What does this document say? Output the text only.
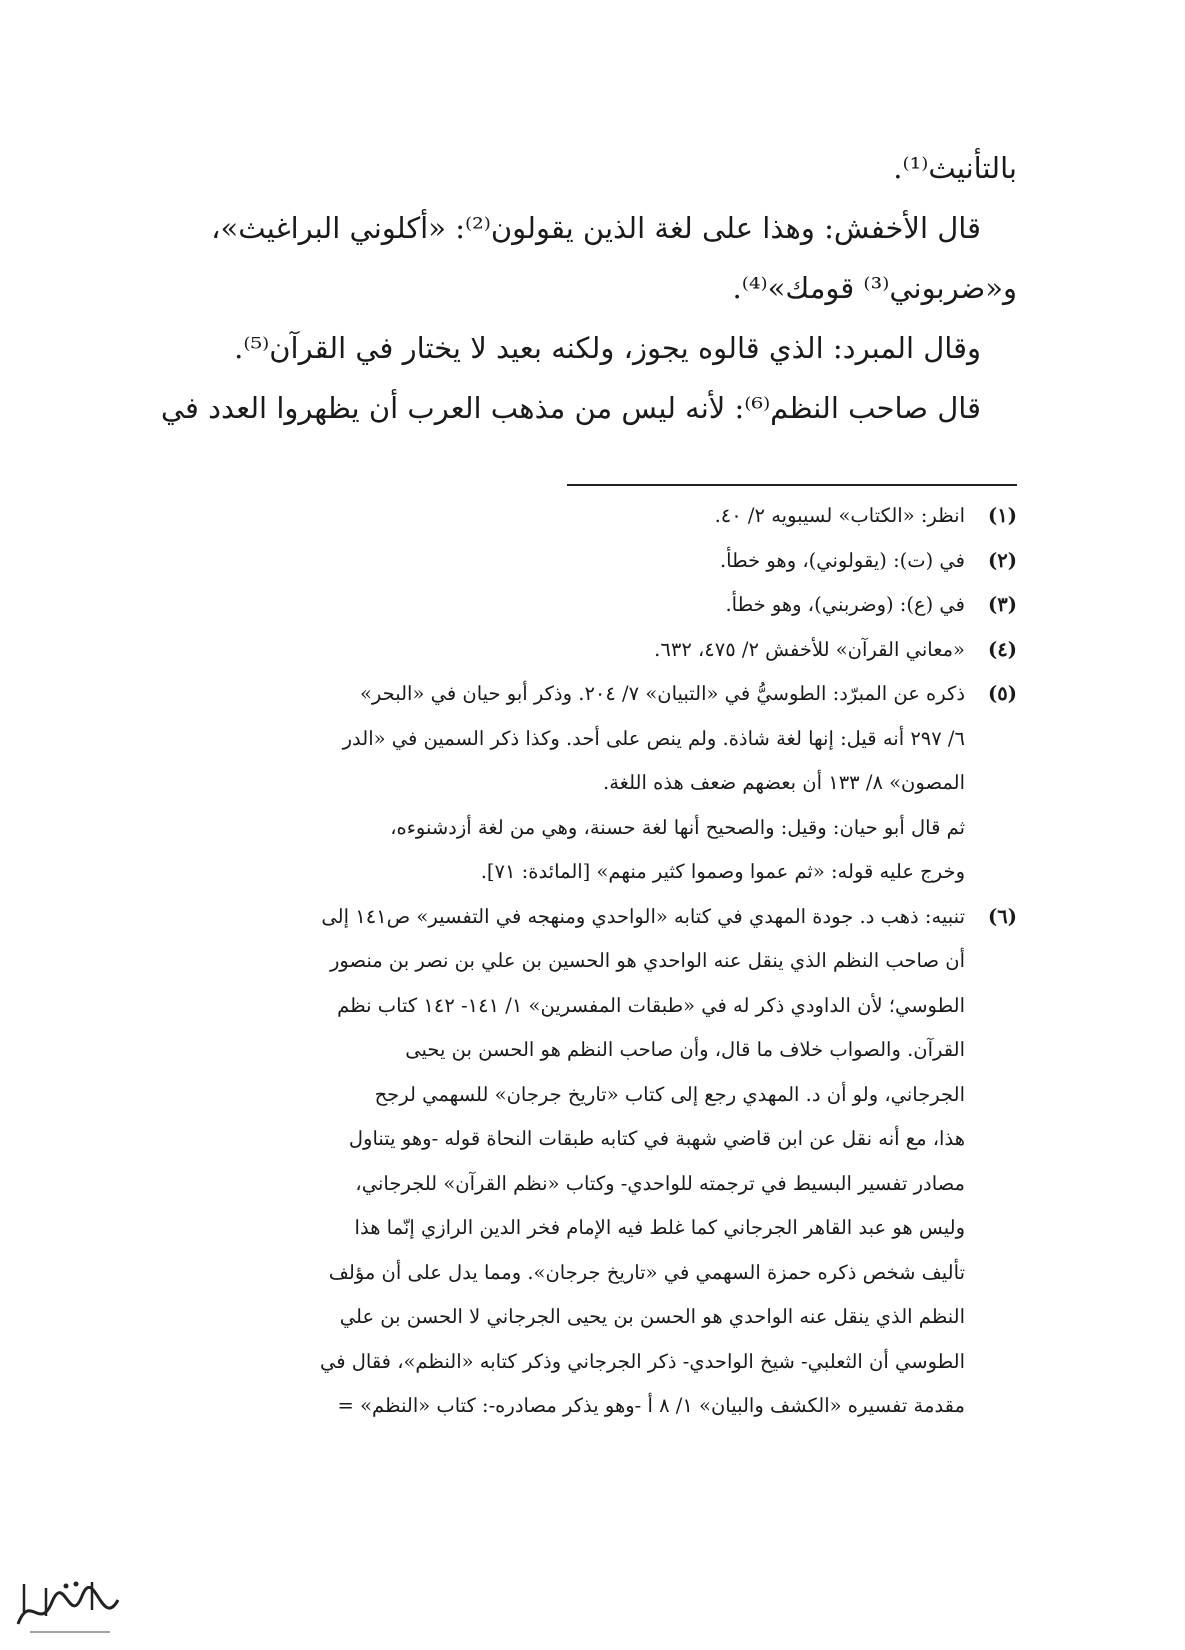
بالتأنيث⁽¹⁾.
قال الأخفش: وهذا على لغة الذين يقولون⁽²⁾: «أكلوني البراغيث»،
و«ضربوني⁽³⁾ قومك»⁽⁴⁾.
وقال المبرد: الذي قالوه يجوز، ولكنه بعيد لا يختار في القرآن⁽⁵⁾.
قال صاحب النظم⁽⁶⁾: لأنه ليس من مذهب العرب أن يظهروا العدد في
(١)
انظر: «الكتاب» لسيبويه ٢/ ٤٠.
(٢)
في (ت): (يقولوني)، وهو خطأ.
(٣)
في (ع): (وضربني)، وهو خطأ.
(٤)
«معاني القرآن» للأخفش ٢/ ٤٧٥، ٦٣٢.
(٥)
ذكره عن المبرّد: الطوسيُّ في «التبيان» ٧/ ٢٠٤. وذكر أبو حيان في «البحر»
٦/ ٢٩٧ أنه قيل: إنها لغة شاذة. ولم ينص على أحد. وكذا ذكر السمين في «الدر
المصون» ٨/ ١٣٣ أن بعضهم ضعف هذه اللغة.
ثم قال أبو حيان: وقيل: والصحيح أنها لغة حسنة، وهي من لغة أزدشنوءه،
وخرج عليه قوله: «ثم عموا وصموا كثير منهم» [المائدة: ٧١].
(٦)
تنبيه: ذهب د. جودة المهدي في كتابه «الواحدي ومنهجه في التفسير» ص١٤١ إلى
أن صاحب النظم الذي ينقل عنه الواحدي هو الحسين بن علي بن نصر بن منصور
الطوسي؛ لأن الداودي ذكر له في «طبقات المفسرين» ١/ ١٤١- ١٤٢ كتاب نظم
القرآن. والصواب خلاف ما قال، وأن صاحب النظم هو الحسن بن يحيى
الجرجاني، ولو أن د. المهدي رجع إلى كتاب «تاريخ جرجان» للسهمي لرجح
هذا، مع أنه نقل عن ابن قاضي شهبة في كتابه طبقات النحاة قوله -وهو يتناول
مصادر تفسير البسيط في ترجمته للواحدي- وكتاب «نظم القرآن» للجرجاني،
وليس هو عبد القاهر الجرجاني كما غلط فيه الإمام فخر الدين الرازي إنّما هذا
تأليف شخص ذكره حمزة السهمي في «تاريخ جرجان». ومما يدل على أن مؤلف
النظم الذي ينقل عنه الواحدي هو الحسن بن يحيى الجرجاني لا الحسن بن علي
الطوسي أن الثعلبي- شيخ الواحدي- ذكر الجرجاني وذكر كتابه «النظم»، فقال في
مقدمة تفسيره «الكشف والبيان» ١/ ٨ أ -وهو يذكر مصادره-: كتاب «النظم» =
